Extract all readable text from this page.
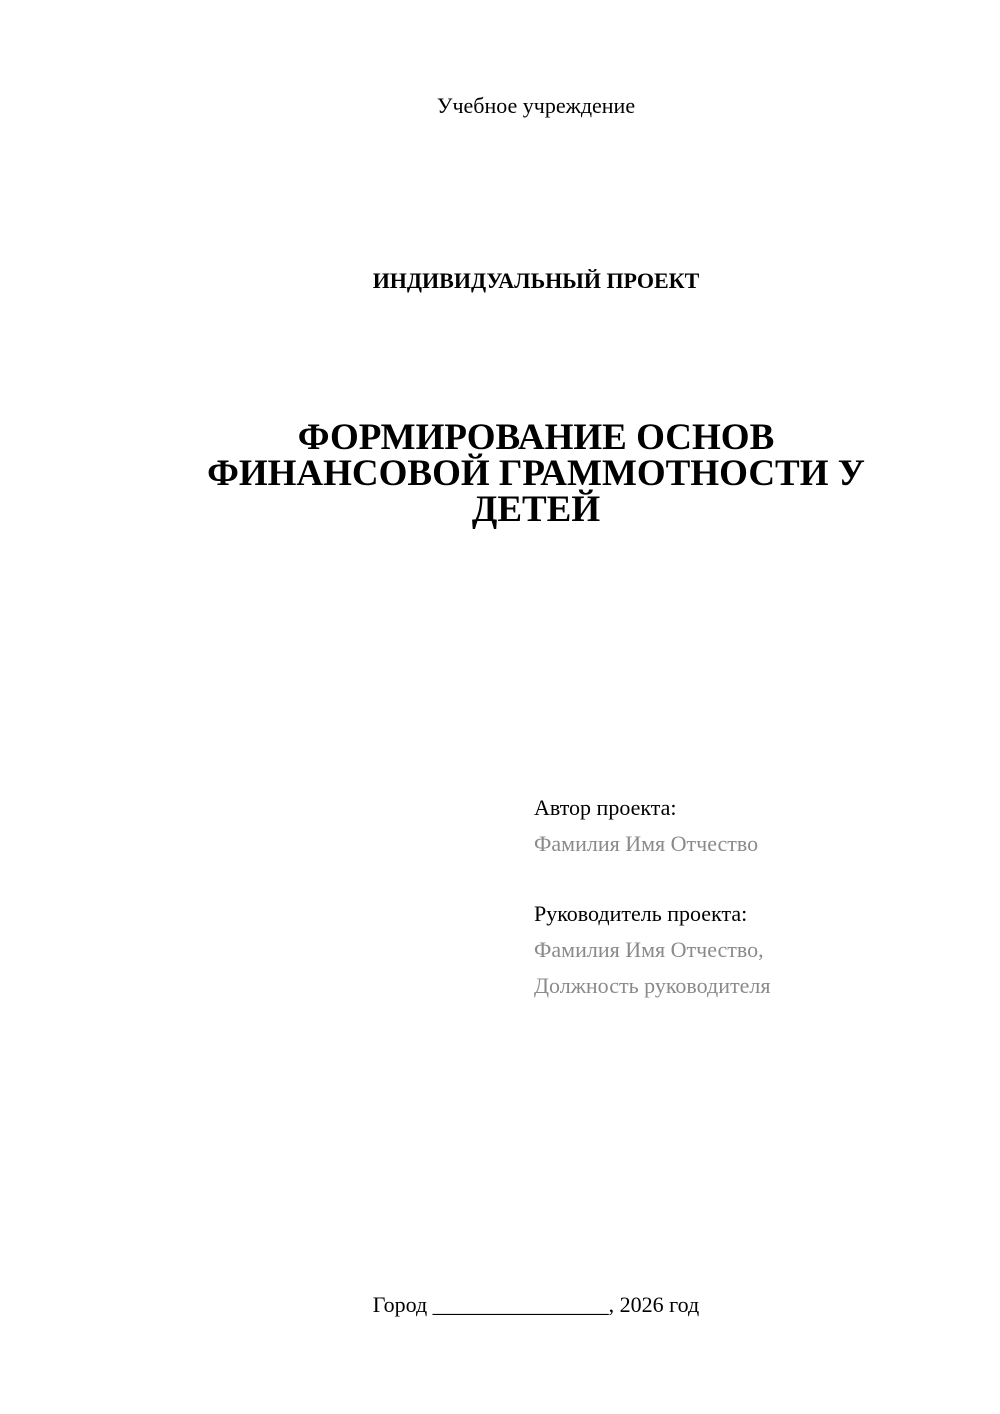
Учебное учреждение
ИНДИВИДУАЛЬНЫЙ ПРОЕКТ
ФОРМИРОВАНИЕ ОСНОВ
ФИНАНСОВОЙ ГРАММОТНОСТИ У
ДЕТЕЙ
Автор проекта:
Фамилия Имя Отчество
Руководитель проекта:
Фамилия Имя Отчество,
Должность руководителя
Город ________________, 2026 год
